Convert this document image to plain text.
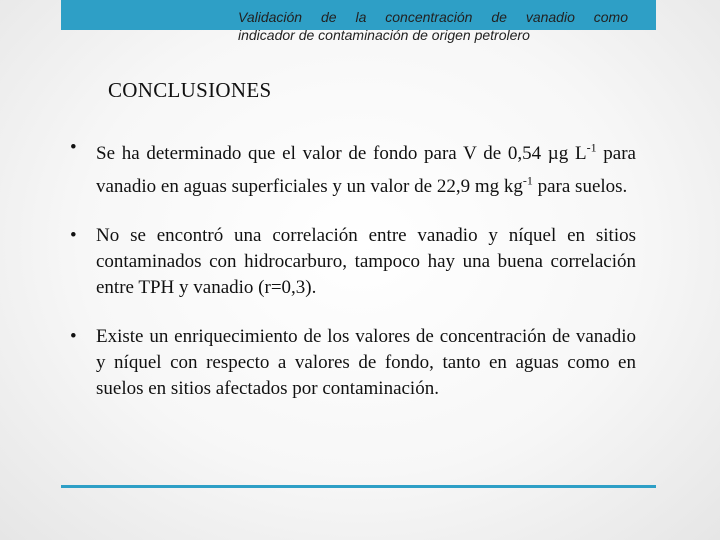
Validación de la concentración de vanadio como
indicador de contaminación de origen petrolero
CONCLUSIONES
• Se ha determinado que el valor de fondo para V de 0,54 µg $L^{-1}$ para vanadio en aguas superficiales y un valor de 22,9 mg $kg^{-1}$ para suelos.
• No se encontró una correlación entre vanadio y níquel en sitios contaminados con hidrocarburo, tampoco hay una buena correlación entre TPH y vanadio (r=0,3).
• Existe un enriquecimiento de los valores de concentración de vanadio y níquel con respecto a valores de fondo, tanto en aguas como en suelos en sitios afectados por contaminación.
